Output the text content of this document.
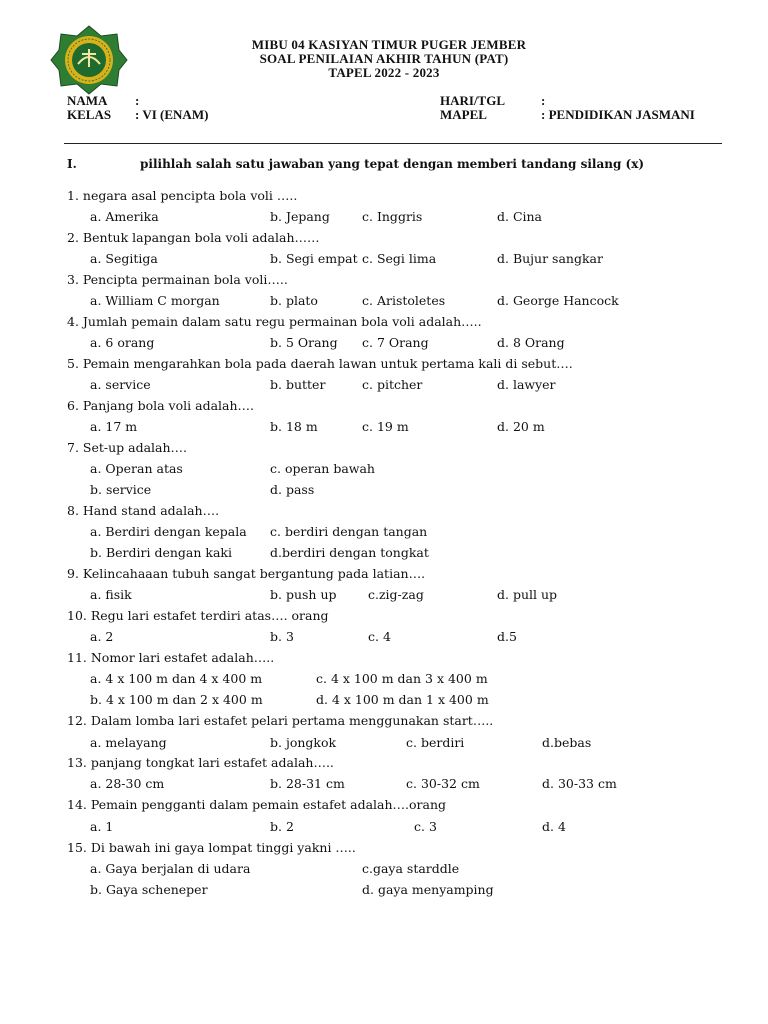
MIBU 04 KASIYAN TIMUR PUGER JEMBER
SOAL PENILAIAN AKHIR TAHUN (PAT)
TAPEL 2022 - 2023
NAMA :
KELAS : VI (ENAM)
HARI/TGL	:
MAPEL	: PENDIDIKAN JASMANI
I.	pilihlah salah satu jawaban yang tepat dengan memberi tandang silang (x)
1. negara asal pencipta bola voli …..
a. Amerika	b. Jepang	c. Inggris	d. Cina
2. Bentuk lapangan bola voli adalah……
a. Segitiga	b. Segi empat c. Segi lima	d. Bujur sangkar
3. Pencipta permainan bola voli…..
a. William C morgan	b. plato	c. Aristoletes	d. George Hancock
4. Jumlah pemain dalam satu regu permainan bola voli adalah…..
a. 6 orang	b. 5 Orang c. 7 Orang	d. 8 Orang
5. Pemain mengarahkan bola pada daerah lawan untuk pertama kali di sebut….
a. service	b. butter	c. pitcher	d. lawyer
6. Panjang bola voli adalah….
a. 17 m	b. 18 m	c. 19 m	d. 20 m
7. Set-up adalah….
a. Operan atas	c. operan bawah
b. service	d. pass
8. Hand stand adalah….
a. Berdiri dengan kepala c. berdiri dengan tangan
b. Berdiri dengan kaki	d.berdiri dengan tongkat
9. Kelincahaaan tubuh sangat bergantung pada latian….
a. fisik	b. push up	c.zig-zag	d. pull up
10. Regu lari estafet terdiri atas…. orang
a. 2	b. 3	c. 4	d.5
11. Nomor lari estafet adalah…..
a. 4 x 100 m dan 4 x 400 m	c. 4 x 100 m dan 3 x 400 m
b. 4 x 100 m dan 2 x 400 m	d. 4 x 100 m dan 1 x 400 m
12. Dalam lomba lari estafet pelari pertama menggunakan start…..
a. melayang	b. jongkok	c. berdiri	d.bebas
13. panjang tongkat lari estafet adalah…..
a. 28-30 cm	b. 28-31 cm	c. 30-32 cm	d. 30-33 cm
14. Pemain pengganti dalam pemain estafet adalah….orang
a. 1	b. 2	c. 3	d. 4
15. Di bawah ini gaya lompat tinggi yakni …..
a. Gaya berjalan di udara	c.gaya starddle
b. Gaya scheneper	d. gaya menyamping
